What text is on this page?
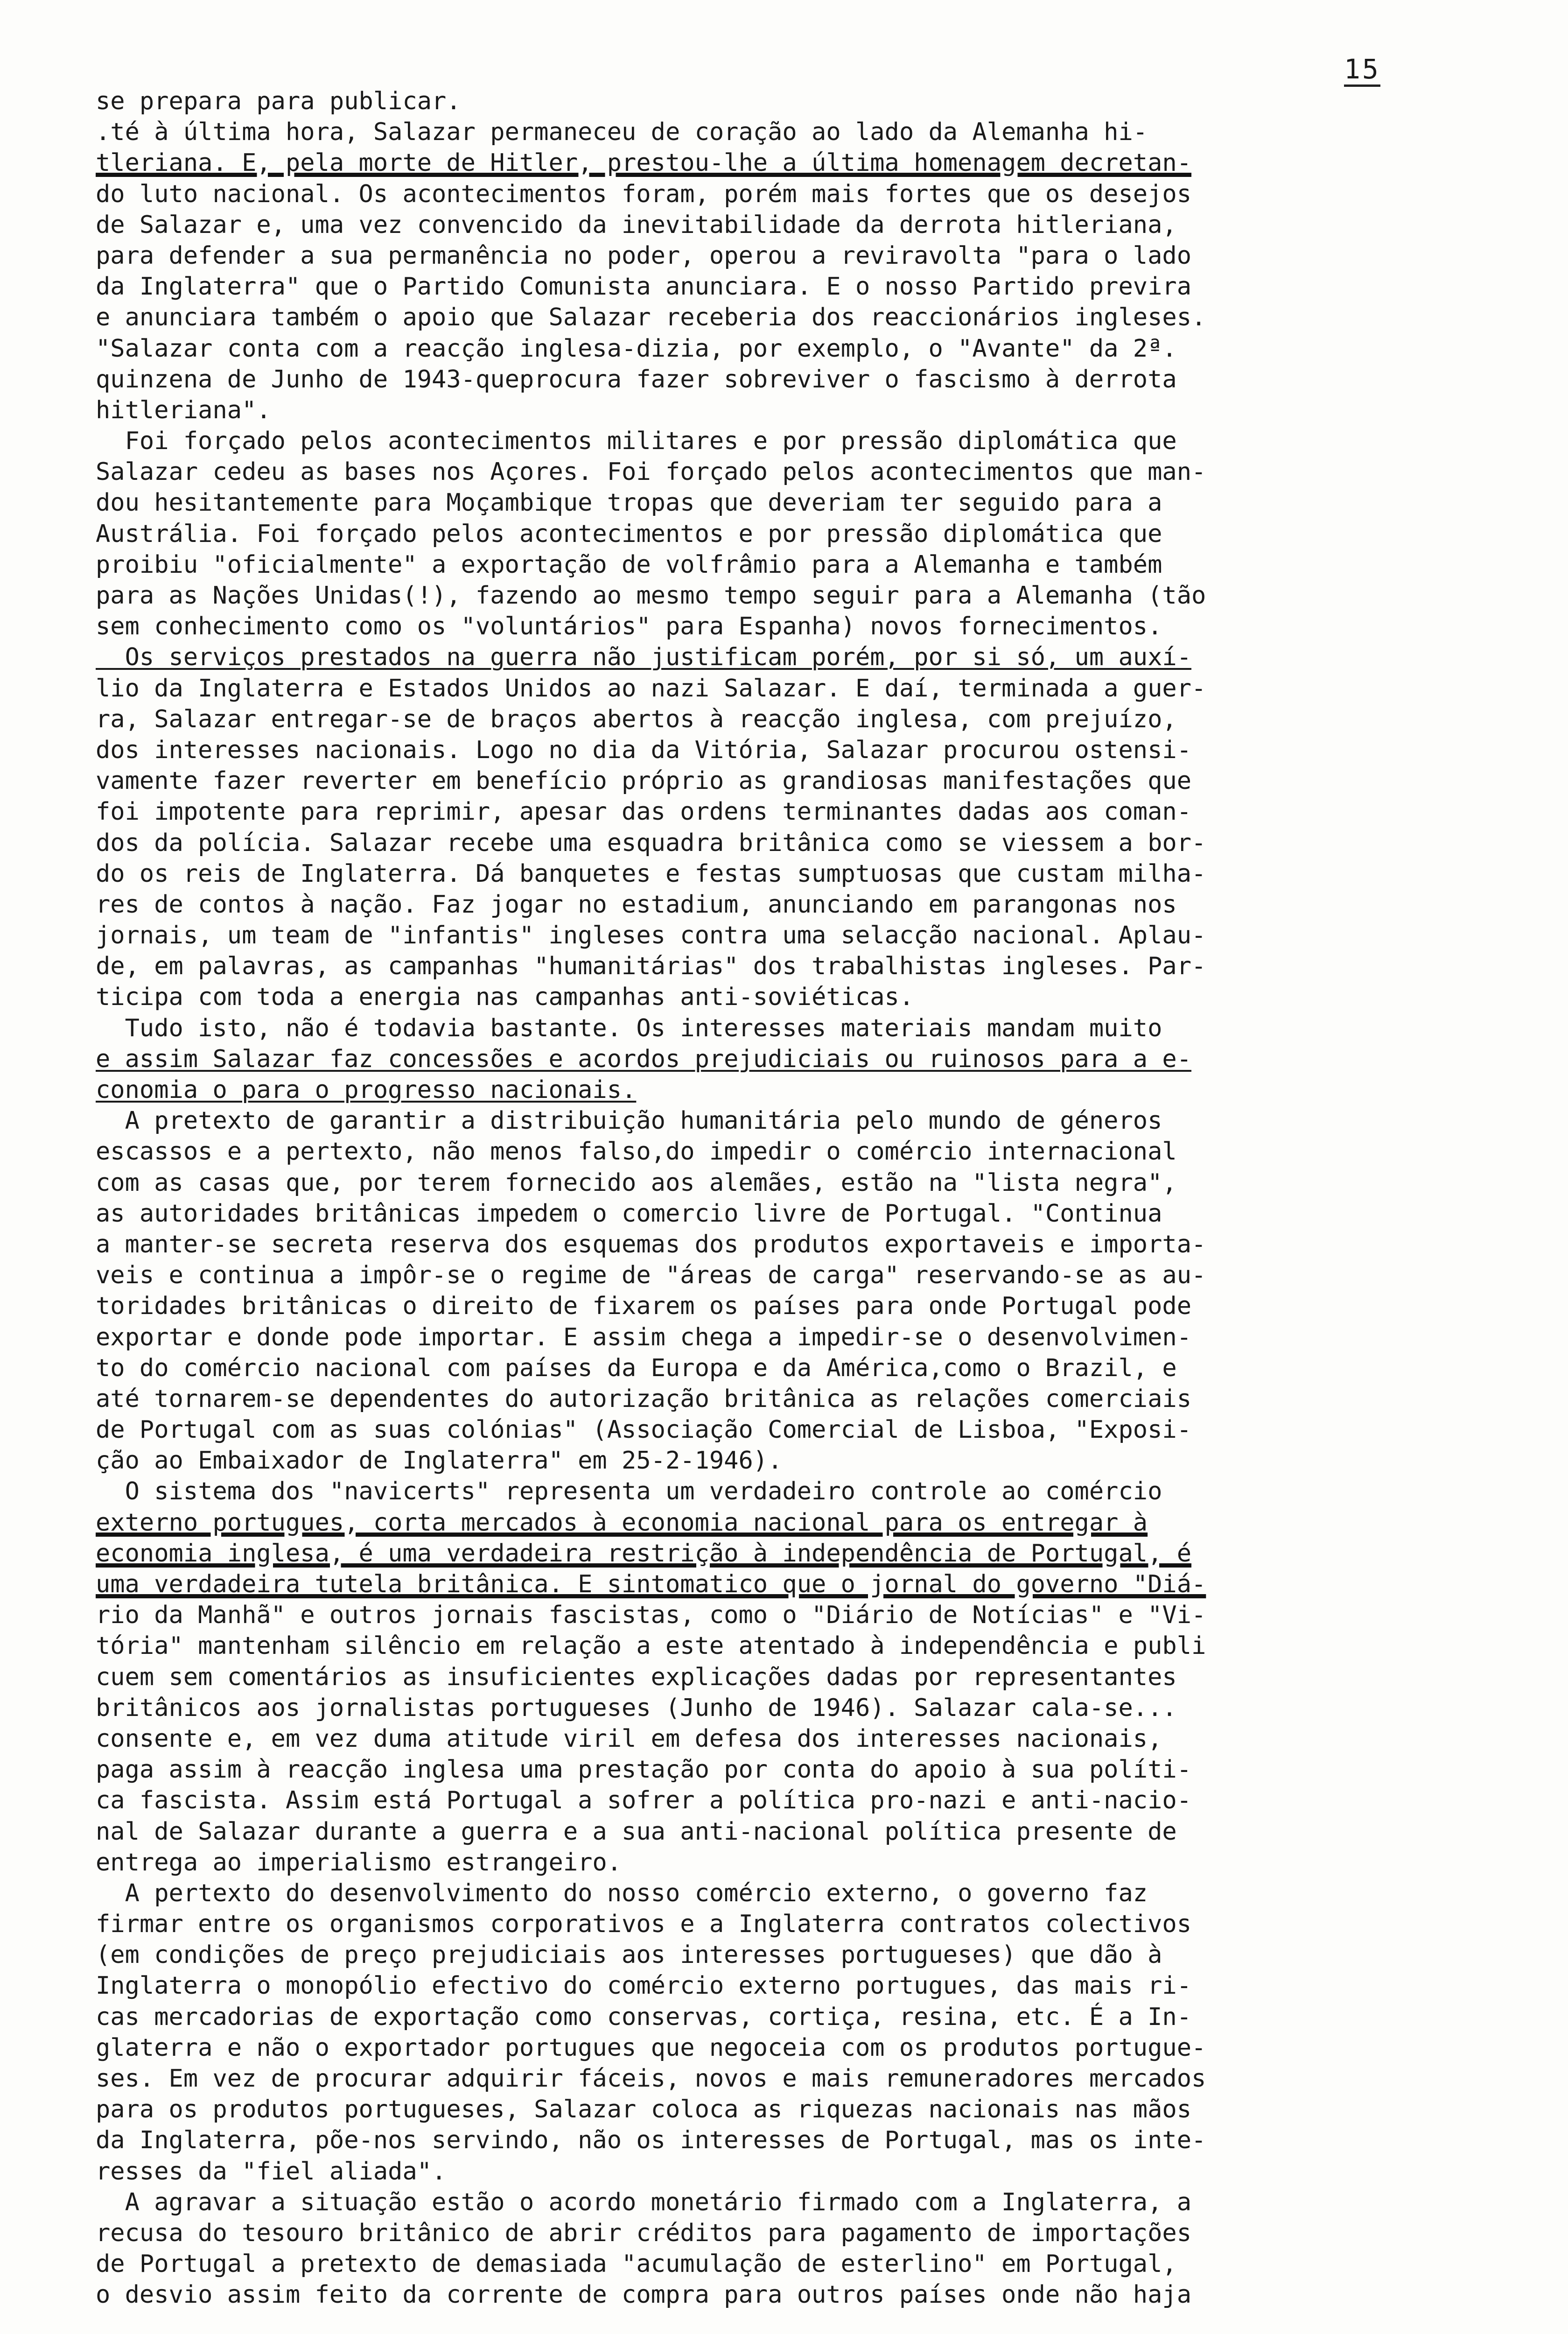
15
se prepara para publicar.
.té à última hora, Salazar permaneceu de coração ao lado da Alemanha hi-
tleriana. E, pela morte de Hitler, prestou-lhe a última homenagem decretan-
do luto nacional. Os acontecimentos foram, porém mais fortes que os desejos
de Salazar e, uma vez convencido da inevitabilidade da derrota hitleriana,
para defender a sua permanência no poder, operou a reviravolta "para o lado
da Inglaterra" que o Partido Comunista anunciara. E o nosso Partido previra
e anunciara também o apoio que Salazar receberia dos reaccionários ingleses.
"Salazar conta com a reacção inglesa-dizia, por exemplo, o "Avante" da 2ª.
quinzena de Junho de 1943-queprocura fazer sobreviver o fascismo à derrota
hitleriana".
Foi forçado pelos acontecimentos militares e por pressão diplomática que
Salazar cedeu as bases nos Açores. Foi forçado pelos acontecimentos que man-
dou hesitantemente para Moçambique tropas que deveriam ter seguido para a
Austrália. Foi forçado pelos acontecimentos e por pressão diplomática que
proibiu "oficialmente" a exportação de volfrâmio para a Alemanha e também
para as Nações Unidas(!), fazendo ao mesmo tempo seguir para a Alemanha (tão
sem conhecimento como os "voluntários" para Espanha) novos fornecimentos.
Os serviços prestados na guerra não justificam porém, por si só, um auxí-
lio da Inglaterra e Estados Unidos ao nazi Salazar. E daí, terminada a guer-
ra, Salazar entregar-se de braços abertos à reacção inglesa, com prejuízo,
dos interesses nacionais. Logo no dia da Vitória, Salazar procurou ostensi-
vamente fazer reverter em benefício próprio as grandiosas manifestações que
foi impotente para reprimir, apesar das ordens terminantes dadas aos coman-
dos da polícia. Salazar recebe uma esquadra britânica como se viessem a bor-
do os reis de Inglaterra. Dá banquetes e festas sumptuosas que custam milha-
res de contos à nação. Faz jogar no estadium, anunciando em parangonas nos
jornais, um team de "infantis" ingleses contra uma selacção nacional. Aplau-
de, em palavras, as campanhas "humanitárias" dos trabalhistas ingleses. Par-
ticipa com toda a energia nas campanhas anti-soviéticas.
Tudo isto, não é todavia bastante. Os interesses materiais mandam muito
e assim Salazar faz concessões e acordos prejudiciais ou ruinosos para a e-
conomia o para o progresso nacionais.
A pretexto de garantir a distribuição humanitária pelo mundo de géneros
escassos e a pertexto, não menos falso,do impedir o comércio internacional
com as casas que, por terem fornecido aos alemães, estão na "lista negra",
as autoridades britânicas impedem o comercio livre de Portugal. "Continua
a manter-se secreta reserva dos esquemas dos produtos exportaveis e importa-
veis e continua a impôr-se o regime de "áreas de carga" reservando-se as au-
toridades britânicas o direito de fixarem os países para onde Portugal pode
exportar e donde pode importar. E assim chega a impedir-se o desenvolvimen-
to do comércio nacional com países da Europa e da América,como o Brazil, e
até tornarem-se dependentes do autorização britânica as relações comerciais
de Portugal com as suas colónias" (Associação Comercial de Lisboa, "Exposi-
ção ao Embaixador de Inglaterra" em 25-2-1946).
O sistema dos "navicerts" representa um verdadeiro controle ao comércio
externo portugues, corta mercados à economia nacional para os entregar à
economia inglesa, é uma verdadeira restrição à independência de Portugal, é
uma verdadeira tutela britânica. E sintomatico que o jornal do governo "Diá-
rio da Manhã" e outros jornais fascistas, como o "Diário de Notícias" e "Vi-
tória" mantenham silêncio em relação a este atentado à independência e publi
cuem sem comentários as insuficientes explicações dadas por representantes
britânicos aos jornalistas portugueses (Junho de 1946). Salazar cala-se...
consente e, em vez duma atitude viril em defesa dos interesses nacionais,
paga assim à reacção inglesa uma prestação por conta do apoio à sua políti-
ca fascista. Assim está Portugal a sofrer a política pro-nazi e anti-nacio-
nal de Salazar durante a guerra e a sua anti-nacional política presente de
entrega ao imperialismo estrangeiro.
A pertexto do desenvolvimento do nosso comércio externo, o governo faz
firmar entre os organismos corporativos e a Inglaterra contratos colectivos
(em condições de preço prejudiciais aos interesses portugueses) que dão à
Inglaterra o monopólio efectivo do comércio externo portugues, das mais ri-
cas mercadorias de exportação como conservas, cortiça, resina, etc. É a In-
glaterra e não o exportador portugues que negoceia com os produtos portugue-
ses. Em vez de procurar adquirir fáceis, novos e mais remuneradores mercados
para os produtos portugueses, Salazar coloca as riquezas nacionais nas mãos
da Inglaterra, põe-nos servindo, não os interesses de Portugal, mas os inte-
resses da "fiel aliada".
A agravar a situação estão o acordo monetário firmado com a Inglaterra, a
recusa do tesouro britânico de abrir créditos para pagamento de importações
de Portugal a pretexto de demasiada "acumulação de esterlino" em Portugal,
o desvio assim feito da corrente de compra para outros países onde não haja
